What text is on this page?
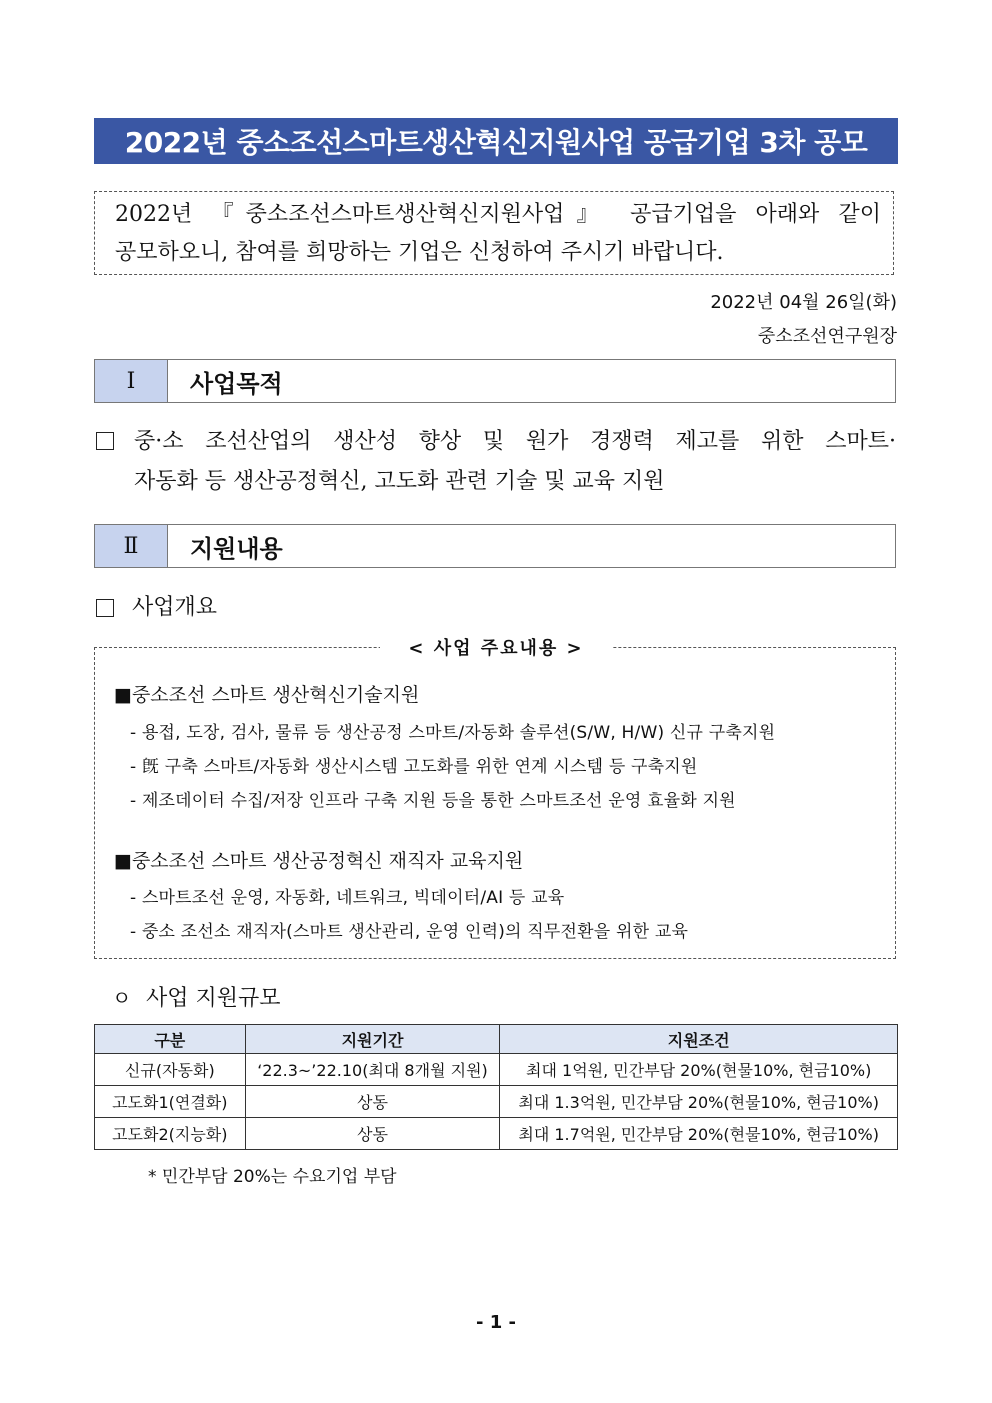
2022년 중소조선스마트생산혁신지원사업 공급기업 3차 공모
2022년 『중소조선스마트생산혁신지원사업』 공급기업을 아래와 같이
공모하오니, 참여를 희망하는 기업은 신청하여 주시기 바랍니다.
2022년 04월 26일(화)
중소조선연구원장
Ⅰ	사업목적
중·소 조선산업의 생산성 향상 및 원가 경쟁력 제고를 위한 스마트·
자동화 등 생산공정혁신, 고도화 관련 기술 및 교육 지원
Ⅱ	지원내용
사업개요
< 사업 주요내용 >
■중소조선 스마트 생산혁신기술지원
- 용접, 도장, 검사, 물류 등 생산공정 스마트/자동화 솔루션(S/W, H/W) 신규 구축지원
- 旣 구축 스마트/자동화 생산시스템 고도화를 위한 연계 시스템 등 구축지원
- 제조데이터 수집/저장 인프라 구축 지원 등을 통한 스마트조선 운영 효율화 지원
■중소조선 스마트 생산공정혁신 재직자 교육지원
- 스마트조선 운영, 자동화, 네트워크, 빅데이터/AI 등 교육
- 중소 조선소 재직자(스마트 생산관리, 운영 인력)의 직무전환을 위한 교육
ㅇ 사업 지원규모
구분	지원기간	지원조건
신규(자동화)	‘22.3~’22.10(최대 8개월 지원)	최대 1억원, 민간부담 20%(현물10%, 현금10%)
고도화1(연결화)	상동	최대 1.3억원, 민간부담 20%(현물10%, 현금10%)
고도화2(지능화)	상동	최대 1.7억원, 민간부담 20%(현물10%, 현금10%)
* 민간부담 20%는 수요기업 부담
- 1 -
